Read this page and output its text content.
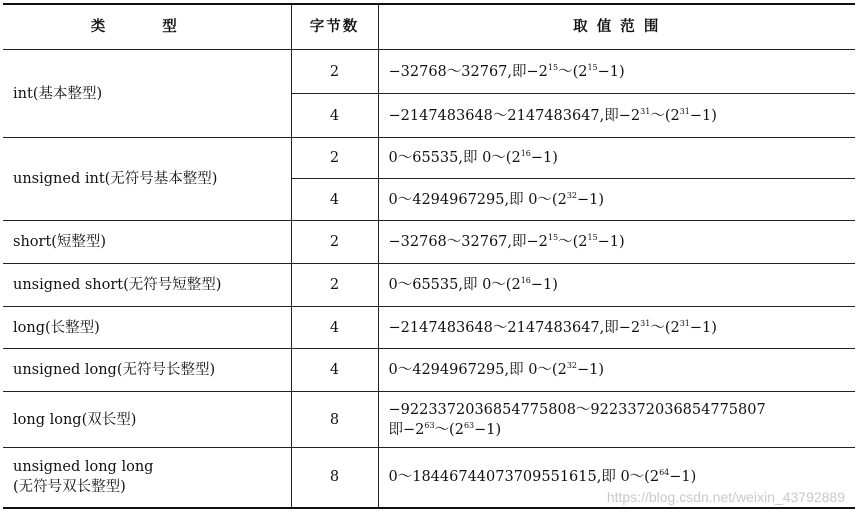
类 型	字节数	取 值 范 围
int(基本整型)	2	−32768～32767,即$-2^{15}\sim(2^{15}-1)$
	4	−2147483648～2147483647,即$-2^{31}\sim(2^{31}-1)$
unsigned int(无符号基本整型)	2	0～65535,即 $0\sim(2^{16}-1)$
	4	0～4294967295,即 $0\sim(2^{32}-1)$
short(短整型)	2	−32768～32767,即$-2^{15}\sim(2^{15}-1)$
unsigned short(无符号短整型)	2	0～65535,即 $0\sim(2^{16}-1)$
long(长整型)	4	−2147483648～2147483647,即$-2^{31}\sim(2^{31}-1)$
unsigned long(无符号长整型)	4	0～4294967295,即 $0\sim(2^{32}-1)$
long long(双长型)	8	−9223372036854775808～9223372036854775807
即$-2^{63}\sim(2^{63}-1)$

unsigned long long
(无符号双长整型)	8	0～18446744073709551615,即 $0\sim(2^{64}-1)$
https://blog.csdn.net/weixin_43792889
